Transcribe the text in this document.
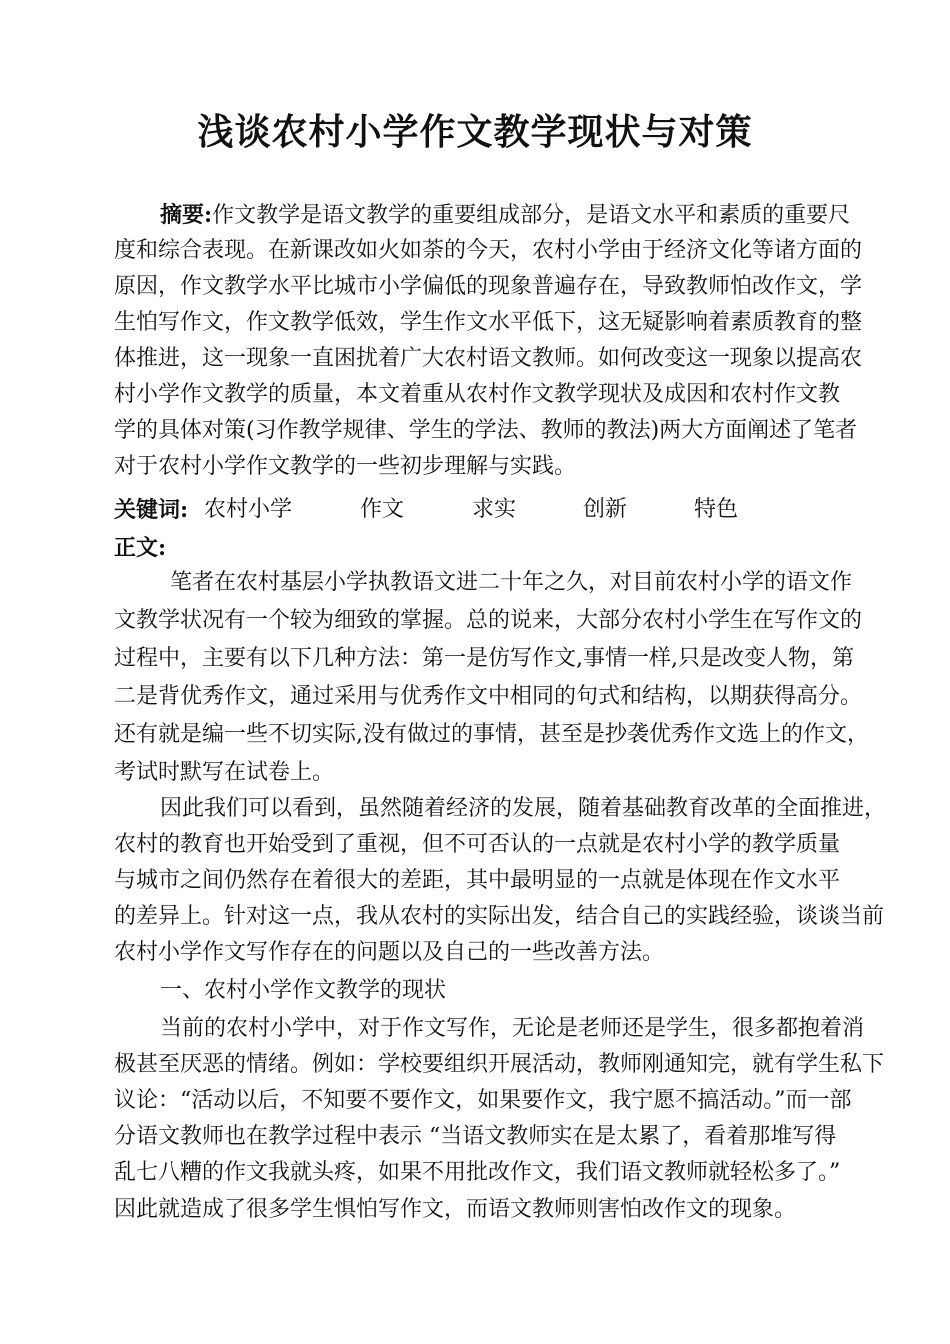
浅谈农村小学作文教学现状与对策
摘要:作文教学是语文教学的重要组成部分，是语文水平和素质的重要尺
度和综合表现。在新课改如火如荼的今天，农村小学由于经济文化等诸方面的
原因，作文教学水平比城市小学偏低的现象普遍存在，导致教师怕改作文，学
生怕写作文，作文教学低效，学生作文水平低下，这无疑影响着素质教育的整
体推进，这一现象一直困扰着广大农村语文教师。如何改变这一现象以提高农
村小学作文教学的质量，本文着重从农村作文教学现状及成因和农村作文教
学的具体对策(习作教学规律、学生的学法、教师的教法)两大方面阐述了笔者
对于农村小学作文教学的一些初步理解与实践。
关键词: 农村小学	作文	求实	创新	特色
正文:
笔者在农村基层小学执教语文进二十年之久，对目前农村小学的语文作
文教学状况有一个较为细致的掌握。总的说来，大部分农村小学生在写作文的
过程中，主要有以下几种方法：第一是仿写作文,事情一样,只是改变人物，第
二是背优秀作文，通过采用与优秀作文中相同的句式和结构，以期获得高分。
还有就是编一些不切实际,没有做过的事情，甚至是抄袭优秀作文选上的作文，
考试时默写在试卷上。
因此我们可以看到，虽然随着经济的发展，随着基础教育改革的全面推进，
农村的教育也开始受到了重视，但不可否认的一点就是农村小学的教学质量
与城市之间仍然存在着很大的差距，其中最明显的一点就是体现在作文水平
的差异上。针对这一点，我从农村的实际出发，结合自己的实践经验，谈谈当前
农村小学作文写作存在的问题以及自己的一些改善方法。
一、农村小学作文教学的现状
当前的农村小学中，对于作文写作，无论是老师还是学生，很多都抱着消
极甚至厌恶的情绪。例如：学校要组织开展活动，教师刚通知完，就有学生私下
议论：“活动以后，不知要不要作文，如果要作文，我宁愿不搞活动。”而一部
分语文教师也在教学过程中表示 “当语文教师实在是太累了，看着那堆写得
乱七八糟的作文我就头疼，如果不用批改作文，我们语文教师就轻松多了。”
因此就造成了很多学生惧怕写作文，而语文教师则害怕改作文的现象。
